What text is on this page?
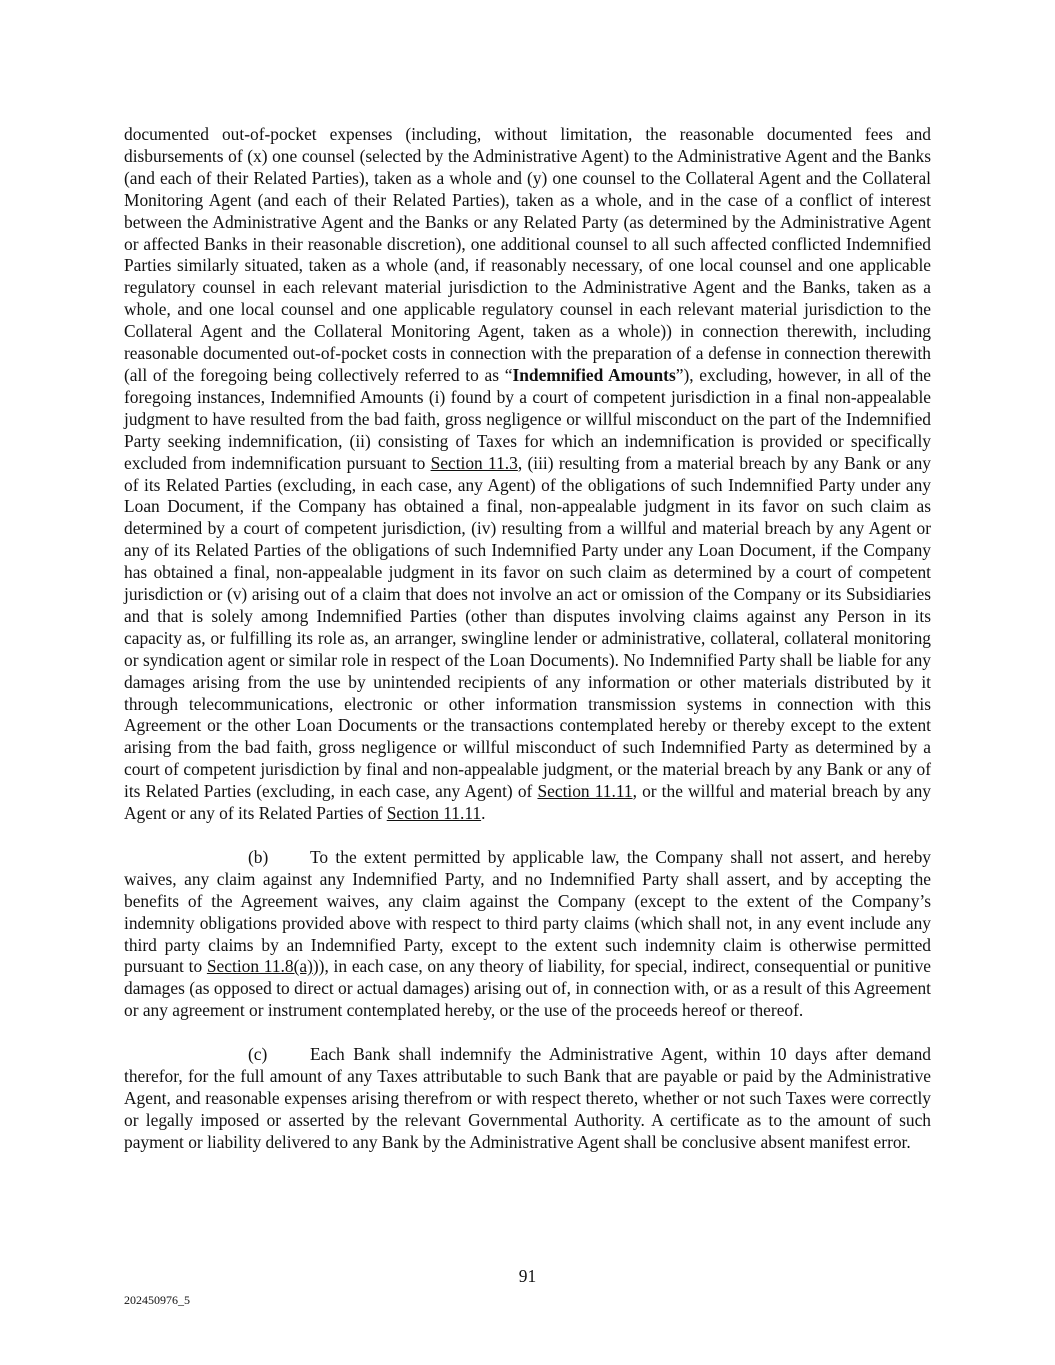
documented out-of-pocket expenses (including, without limitation, the reasonable documented fees and disbursements of (x) one counsel (selected by the Administrative Agent) to the Administrative Agent and the Banks (and each of their Related Parties), taken as a whole and (y) one counsel to the Collateral Agent and the Collateral Monitoring Agent (and each of their Related Parties), taken as a whole, and in the case of a conflict of interest between the Administrative Agent and the Banks or any Related Party (as determined by the Administrative Agent or affected Banks in their reasonable discretion), one additional counsel to all such affected conflicted Indemnified Parties similarly situated, taken as a whole (and, if reasonably necessary, of one local counsel and one applicable regulatory counsel in each relevant material jurisdiction to the Administrative Agent and the Banks, taken as a whole, and one local counsel and one applicable regulatory counsel in each relevant material jurisdiction to the Collateral Agent and the Collateral Monitoring Agent, taken as a whole)) in connection therewith, including reasonable documented out-of-pocket costs in connection with the preparation of a defense in connection therewith (all of the foregoing being collectively referred to as “Indemnified Amounts”), excluding, however, in all of the foregoing instances, Indemnified Amounts (i) found by a court of competent jurisdiction in a final non-appealable judgment to have resulted from the bad faith, gross negligence or willful misconduct on the part of the Indemnified Party seeking indemnification, (ii) consisting of Taxes for which an indemnification is provided or specifically excluded from indemnification pursuant to Section 11.3, (iii) resulting from a material breach by any Bank or any of its Related Parties (excluding, in each case, any Agent) of the obligations of such Indemnified Party under any Loan Document, if the Company has obtained a final, non-appealable judgment in its favor on such claim as determined by a court of competent jurisdiction, (iv) resulting from a willful and material breach by any Agent or any of its Related Parties of the obligations of such Indemnified Party under any Loan Document, if the Company has obtained a final, non-appealable judgment in its favor on such claim as determined by a court of competent jurisdiction or (v) arising out of a claim that does not involve an act or omission of the Company or its Subsidiaries and that is solely among Indemnified Parties (other than disputes involving claims against any Person in its capacity as, or fulfilling its role as, an arranger, swingline lender or administrative, collateral, collateral monitoring or syndication agent or similar role in respect of the Loan Documents). No Indemnified Party shall be liable for any damages arising from the use by unintended recipients of any information or other materials distributed by it through telecommunications, electronic or other information transmission systems in connection with this Agreement or the other Loan Documents or the transactions contemplated hereby or thereby except to the extent arising from the bad faith, gross negligence or willful misconduct of such Indemnified Party as determined by a court of competent jurisdiction by final and non-appealable judgment, or the material breach by any Bank or any of its Related Parties (excluding, in each case, any Agent) of Section 11.11, or the willful and material breach by any Agent or any of its Related Parties of Section 11.11.

(b) To the extent permitted by applicable law, the Company shall not assert, and hereby waives, any claim against any Indemnified Party, and no Indemnified Party shall assert, and by accepting the benefits of the Agreement waives, any claim against the Company (except to the extent of the Company’s indemnity obligations provided above with respect to third party claims (which shall not, in any event include any third party claims by an Indemnified Party, except to the extent such indemnity claim is otherwise permitted pursuant to Section 11.8(a))), in each case, on any theory of liability, for special, indirect, consequential or punitive damages (as opposed to direct or actual damages) arising out of, in connection with, or as a result of this Agreement or any agreement or instrument contemplated hereby, or the use of the proceeds hereof or thereof.

(c) Each Bank shall indemnify the Administrative Agent, within 10 days after demand therefor, for the full amount of any Taxes attributable to such Bank that are payable or paid by the Administrative Agent, and reasonable expenses arising therefrom or with respect thereto, whether or not such Taxes were correctly or legally imposed or asserted by the relevant Governmental Authority. A certificate as to the amount of such payment or liability delivered to any Bank by the Administrative Agent shall be conclusive absent manifest error.

91
202450976_5
